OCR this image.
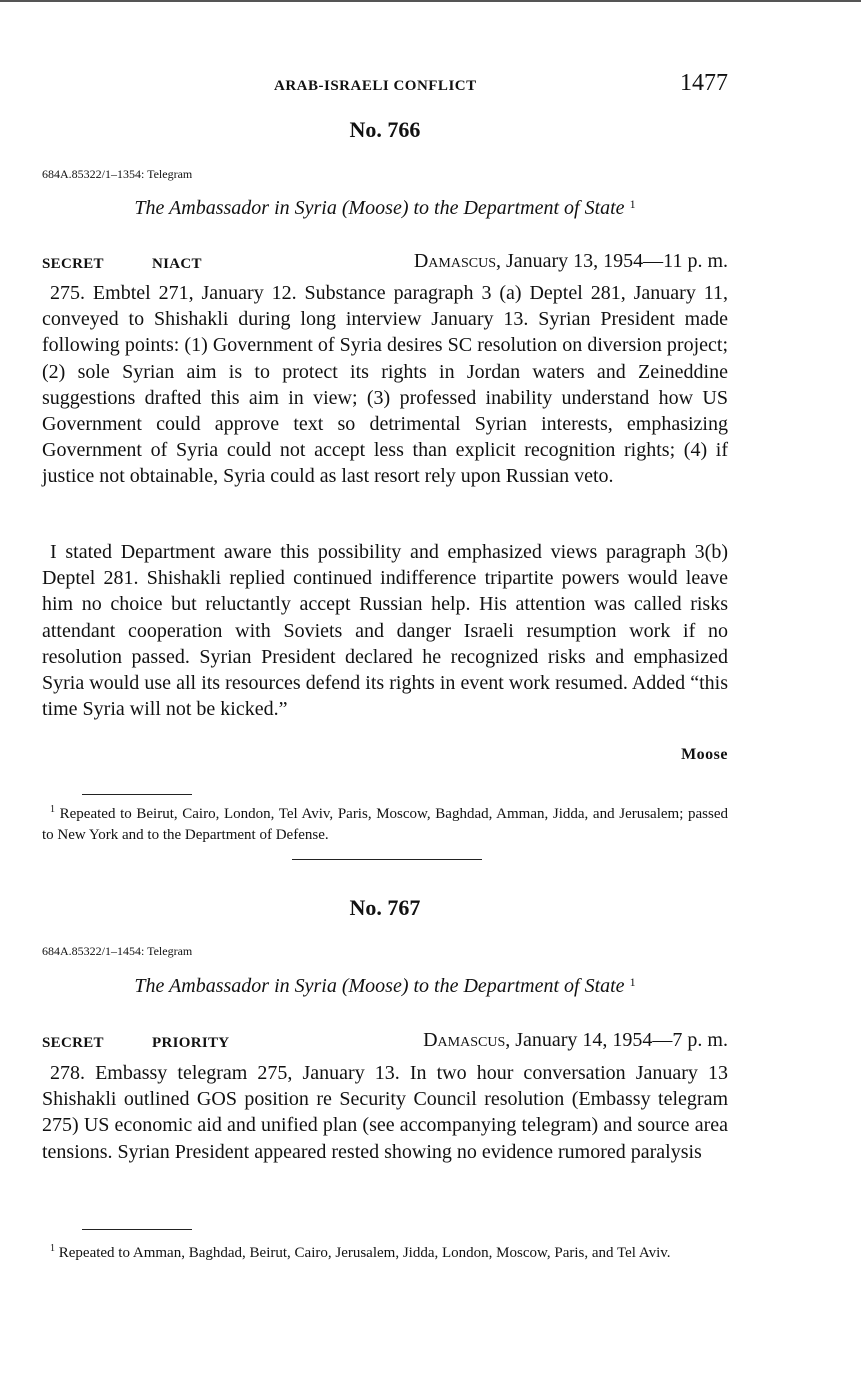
ARAB-ISRAELI CONFLICT	1477
No. 766
684A.85322/1–1354: Telegram
The Ambassador in Syria (Moose) to the Department of State $^1$
SECRET	NIACT	Damascus, January 13, 1954—11 p. m.

275. Embtel 271, January 12. Substance paragraph 3 (a) Deptel 281, January 11, conveyed to Shishakli during long interview January 13. Syrian President made following points: (1) Government of Syria desires SC resolution on diversion project; (2) sole Syrian aim is to protect its rights in Jordan waters and Zeineddine suggestions drafted this aim in view; (3) professed inability understand how US Government could approve text so detrimental Syrian interests, emphasizing Government of Syria could not accept less than explicit recognition rights; (4) if justice not obtainable, Syria could as last resort rely upon Russian veto.

I stated Department aware this possibility and emphasized views paragraph 3(b) Deptel 281. Shishakli replied continued indifference tripartite powers would leave him no choice but reluctantly accept Russian help. His attention was called risks attendant cooperation with Soviets and danger Israeli resumption work if no resolution passed. Syrian President declared he recognized risks and emphasized Syria would use all its resources defend its rights in event work resumed. Added “this time Syria will not be kicked.”

Moose

$^1$ Repeated to Beirut, Cairo, London, Tel Aviv, Paris, Moscow, Baghdad, Amman, Jidda, and Jerusalem; passed to New York and to the Department of Defense.

No. 767
684A.85322/1–1454: Telegram
The Ambassador in Syria (Moose) to the Department of State $^1$
SECRET	PRIORITY	Damascus, January 14, 1954—7 p. m.

278. Embassy telegram 275, January 13. In two hour conversation January 13 Shishakli outlined GOS position re Security Council resolution (Embassy telegram 275) US economic aid and unified plan (see accompanying telegram) and source area tensions. Syrian President appeared rested showing no evidence rumored paralysis

$^1$ Repeated to Amman, Baghdad, Beirut, Cairo, Jerusalem, Jidda, London, Moscow, Paris, and Tel Aviv.
